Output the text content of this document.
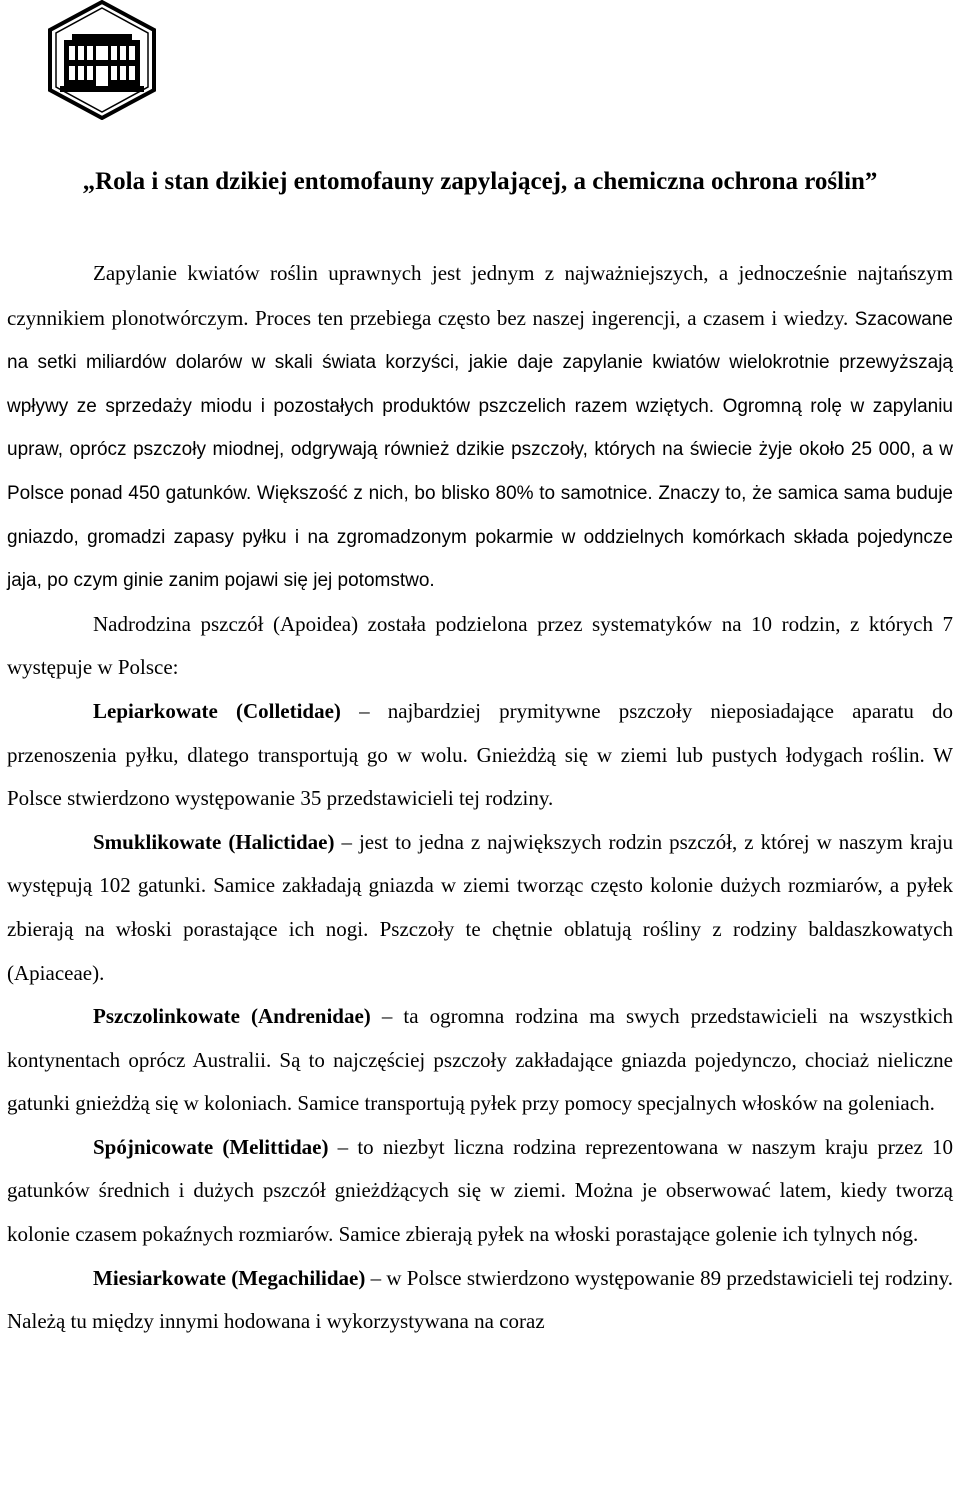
„Rola i stan dzikiej entomofauny zapylającej, a chemiczna ochrona roślin”

Zapylanie kwiatów roślin uprawnych jest jednym z najważniejszych, a jednocześnie najtańszym czynnikiem plonotwórczym. Proces ten przebiega często bez naszej ingerencji, a czasem i wiedzy. Szacowane na setki miliardów dolarów w skali świata korzyści, jakie daje zapylanie kwiatów wielokrotnie przewyższają wpływy ze sprzedaży miodu i pozostałych produktów pszczelich razem wziętych. Ogromną rolę w zapylaniu upraw, oprócz pszczoły miodnej, odgrywają również dzikie pszczoły, których na świecie żyje około 25 000, a w Polsce ponad 450 gatunków. Większość z nich, bo blisko 80% to samotnice. Znaczy to, że samica sama buduje gniazdo, gromadzi zapasy pyłku i na zgromadzonym pokarmie w oddzielnych komórkach składa pojedyncze jaja, po czym ginie zanim pojawi się jej potomstwo.

Nadrodzina pszczół (Apoidea) została podzielona przez systematyków na 10 rodzin, z których 7 występuje w Polsce:

Lepiarkowate (Colletidae) – najbardziej prymitywne pszczoły nieposiadające aparatu do przenoszenia pyłku, dlatego transportują go w wolu. Gnieżdżą się w ziemi lub pustych łodygach roślin. W Polsce stwierdzono występowanie 35 przedstawicieli tej rodziny.

Smuklikowate (Halictidae) – jest to jedna z największych rodzin pszczół, z której w naszym kraju występują 102 gatunki. Samice zakładają gniazda w ziemi tworząc często kolonie dużych rozmiarów, a pyłek zbierają na włoski porastające ich nogi. Pszczoły te chętnie oblatują rośliny z rodziny baldaszkowatych (Apiaceae).

Pszczolinkowate (Andrenidae) – ta ogromna rodzina ma swych przedstawicieli na wszystkich kontynentach oprócz Australii. Są to najczęściej pszczoły zakładające gniazda pojedynczo, chociaż nieliczne gatunki gnieżdżą się w koloniach. Samice transportują pyłek przy pomocy specjalnych włosków na goleniach.

Spójnicowate (Melittidae) – to niezbyt liczna rodzina reprezentowana w naszym kraju przez 10 gatunków średnich i dużych pszczół gnieżdżących się w ziemi. Można je obserwować latem, kiedy tworzą kolonie czasem pokaźnych rozmiarów. Samice zbierają pyłek na włoski porastające golenie ich tylnych nóg.

Miesiarkowate (Megachilidae) – w Polsce stwierdzono występowanie 89 przedstawicieli tej rodziny. Należą tu między innymi hodowana i wykorzystywana na coraz
